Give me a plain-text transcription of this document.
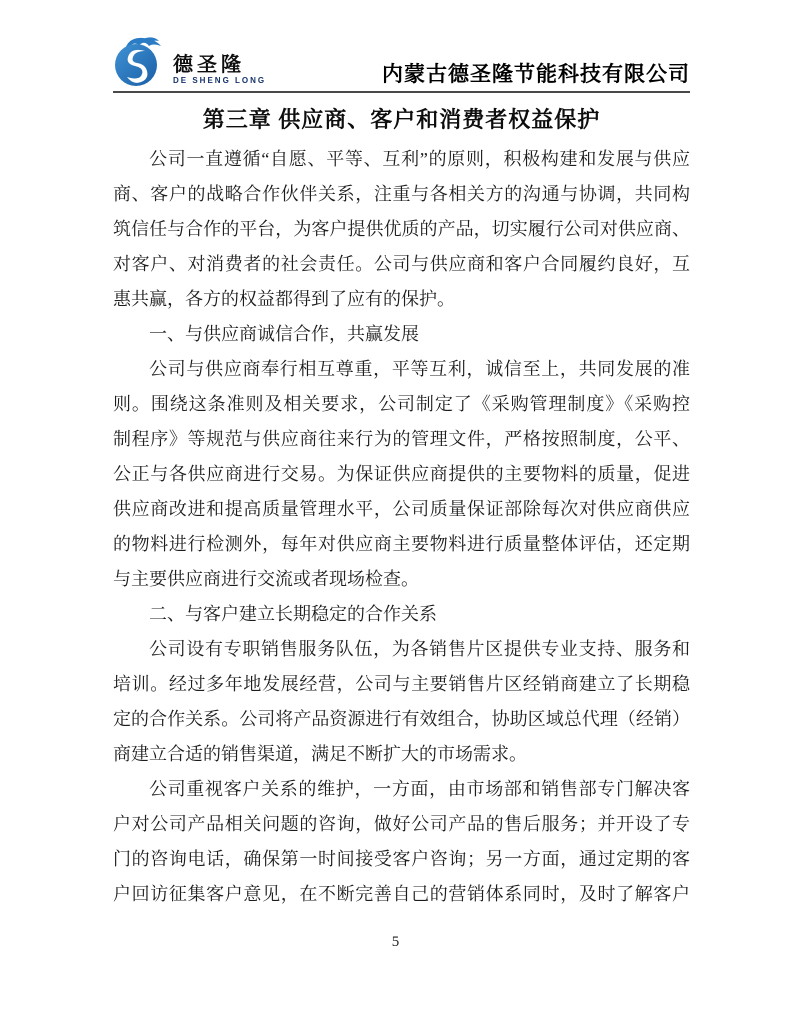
德圣隆
DE SHENG LONG	内蒙古德圣隆节能科技有限公司
第三章 供应商、客户和消费者权益保护
公司一直遵循“自愿、平等、互利”的原则，积极构建和发展与供应
商、客户的战略合作伙伴关系，注重与各相关方的沟通与协调，共同构
筑信任与合作的平台，为客户提供优质的产品，切实履行公司对供应商、
对客户、对消费者的社会责任。公司与供应商和客户合同履约良好，互
惠共赢，各方的权益都得到了应有的保护。
一、与供应商诚信合作，共赢发展
公司与供应商奉行相互尊重，平等互利，诚信至上，共同发展的准
则。围绕这条准则及相关要求，公司制定了《采购管理制度》《采购控
制程序》等规范与供应商往来行为的管理文件，严格按照制度，公平、
公正与各供应商进行交易。为保证供应商提供的主要物料的质量，促进
供应商改进和提高质量管理水平，公司质量保证部除每次对供应商供应
的物料进行检测外，每年对供应商主要物料进行质量整体评估，还定期
与主要供应商进行交流或者现场检查。
二、与客户建立长期稳定的合作关系
公司设有专职销售服务队伍，为各销售片区提供专业支持、服务和
培训。经过多年地发展经营，公司与主要销售片区经销商建立了长期稳
定的合作关系。公司将产品资源进行有效组合，协助区域总代理（经销）
商建立合适的销售渠道，满足不断扩大的市场需求。
公司重视客户关系的维护，一方面，由市场部和销售部专门解决客
户对公司产品相关问题的咨询，做好公司产品的售后服务；并开设了专
门的咨询电话，确保第一时间接受客户咨询；另一方面，通过定期的客
户回访征集客户意见，在不断完善自己的营销体系同时，及时了解客户
5
